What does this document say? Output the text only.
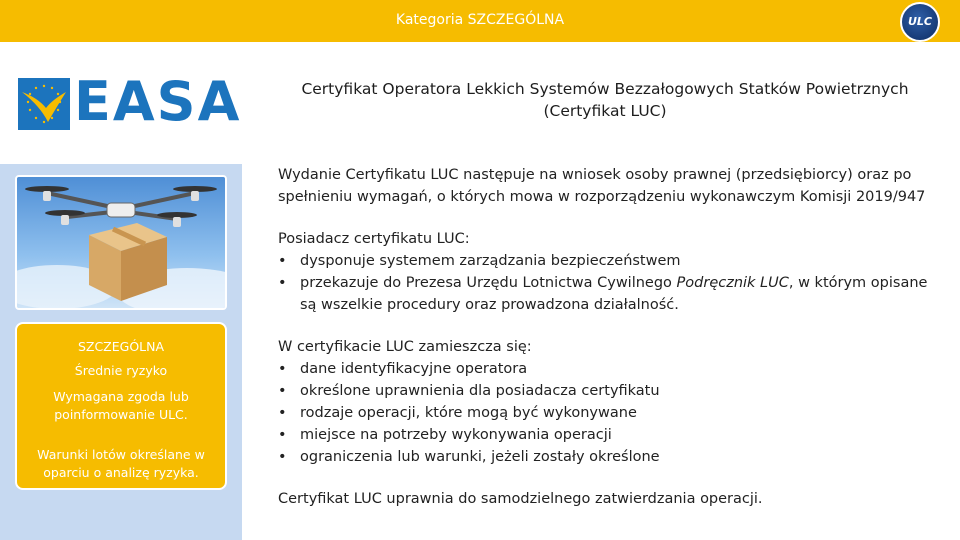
Kategoria SZCZEGÓLNA	ULC
EASA
SZCZEGÓLNA
Średnie ryzyko
Wymagana zgoda lub
poinformowanie ULC.
Warunki lotów określane w
oparciu o analizę ryzyka.
Certyfikat Operatora Lekkich Systemów Bezzałogowych Statków Powietrznych
(Certyfikat LUC)
Wydanie Certyfikatu LUC następuje na wniosek osoby prawnej (przedsiębiorcy) oraz po
spełnieniu wymagań, o których mowa w rozporządzeniu wykonawczym Komisji 2019/947
Posiadacz certyfikatu LUC:
• dysponuje systemem zarządzania bezpieczeństwem
• przekazuje do Prezesa Urzędu Lotnictwa Cywilnego Podręcznik LUC, w którym opisane
są wszelkie procedury oraz prowadzona działalność.
W certyfikacie LUC zamieszcza się:
• dane identyfikacyjne operatora
• określone uprawnienia dla posiadacza certyfikatu
• rodzaje operacji, które mogą być wykonywane
• miejsce na potrzeby wykonywania operacji
• ograniczenia lub warunki, jeżeli zostały określone
Certyfikat LUC uprawnia do samodzielnego zatwierdzania operacji.
